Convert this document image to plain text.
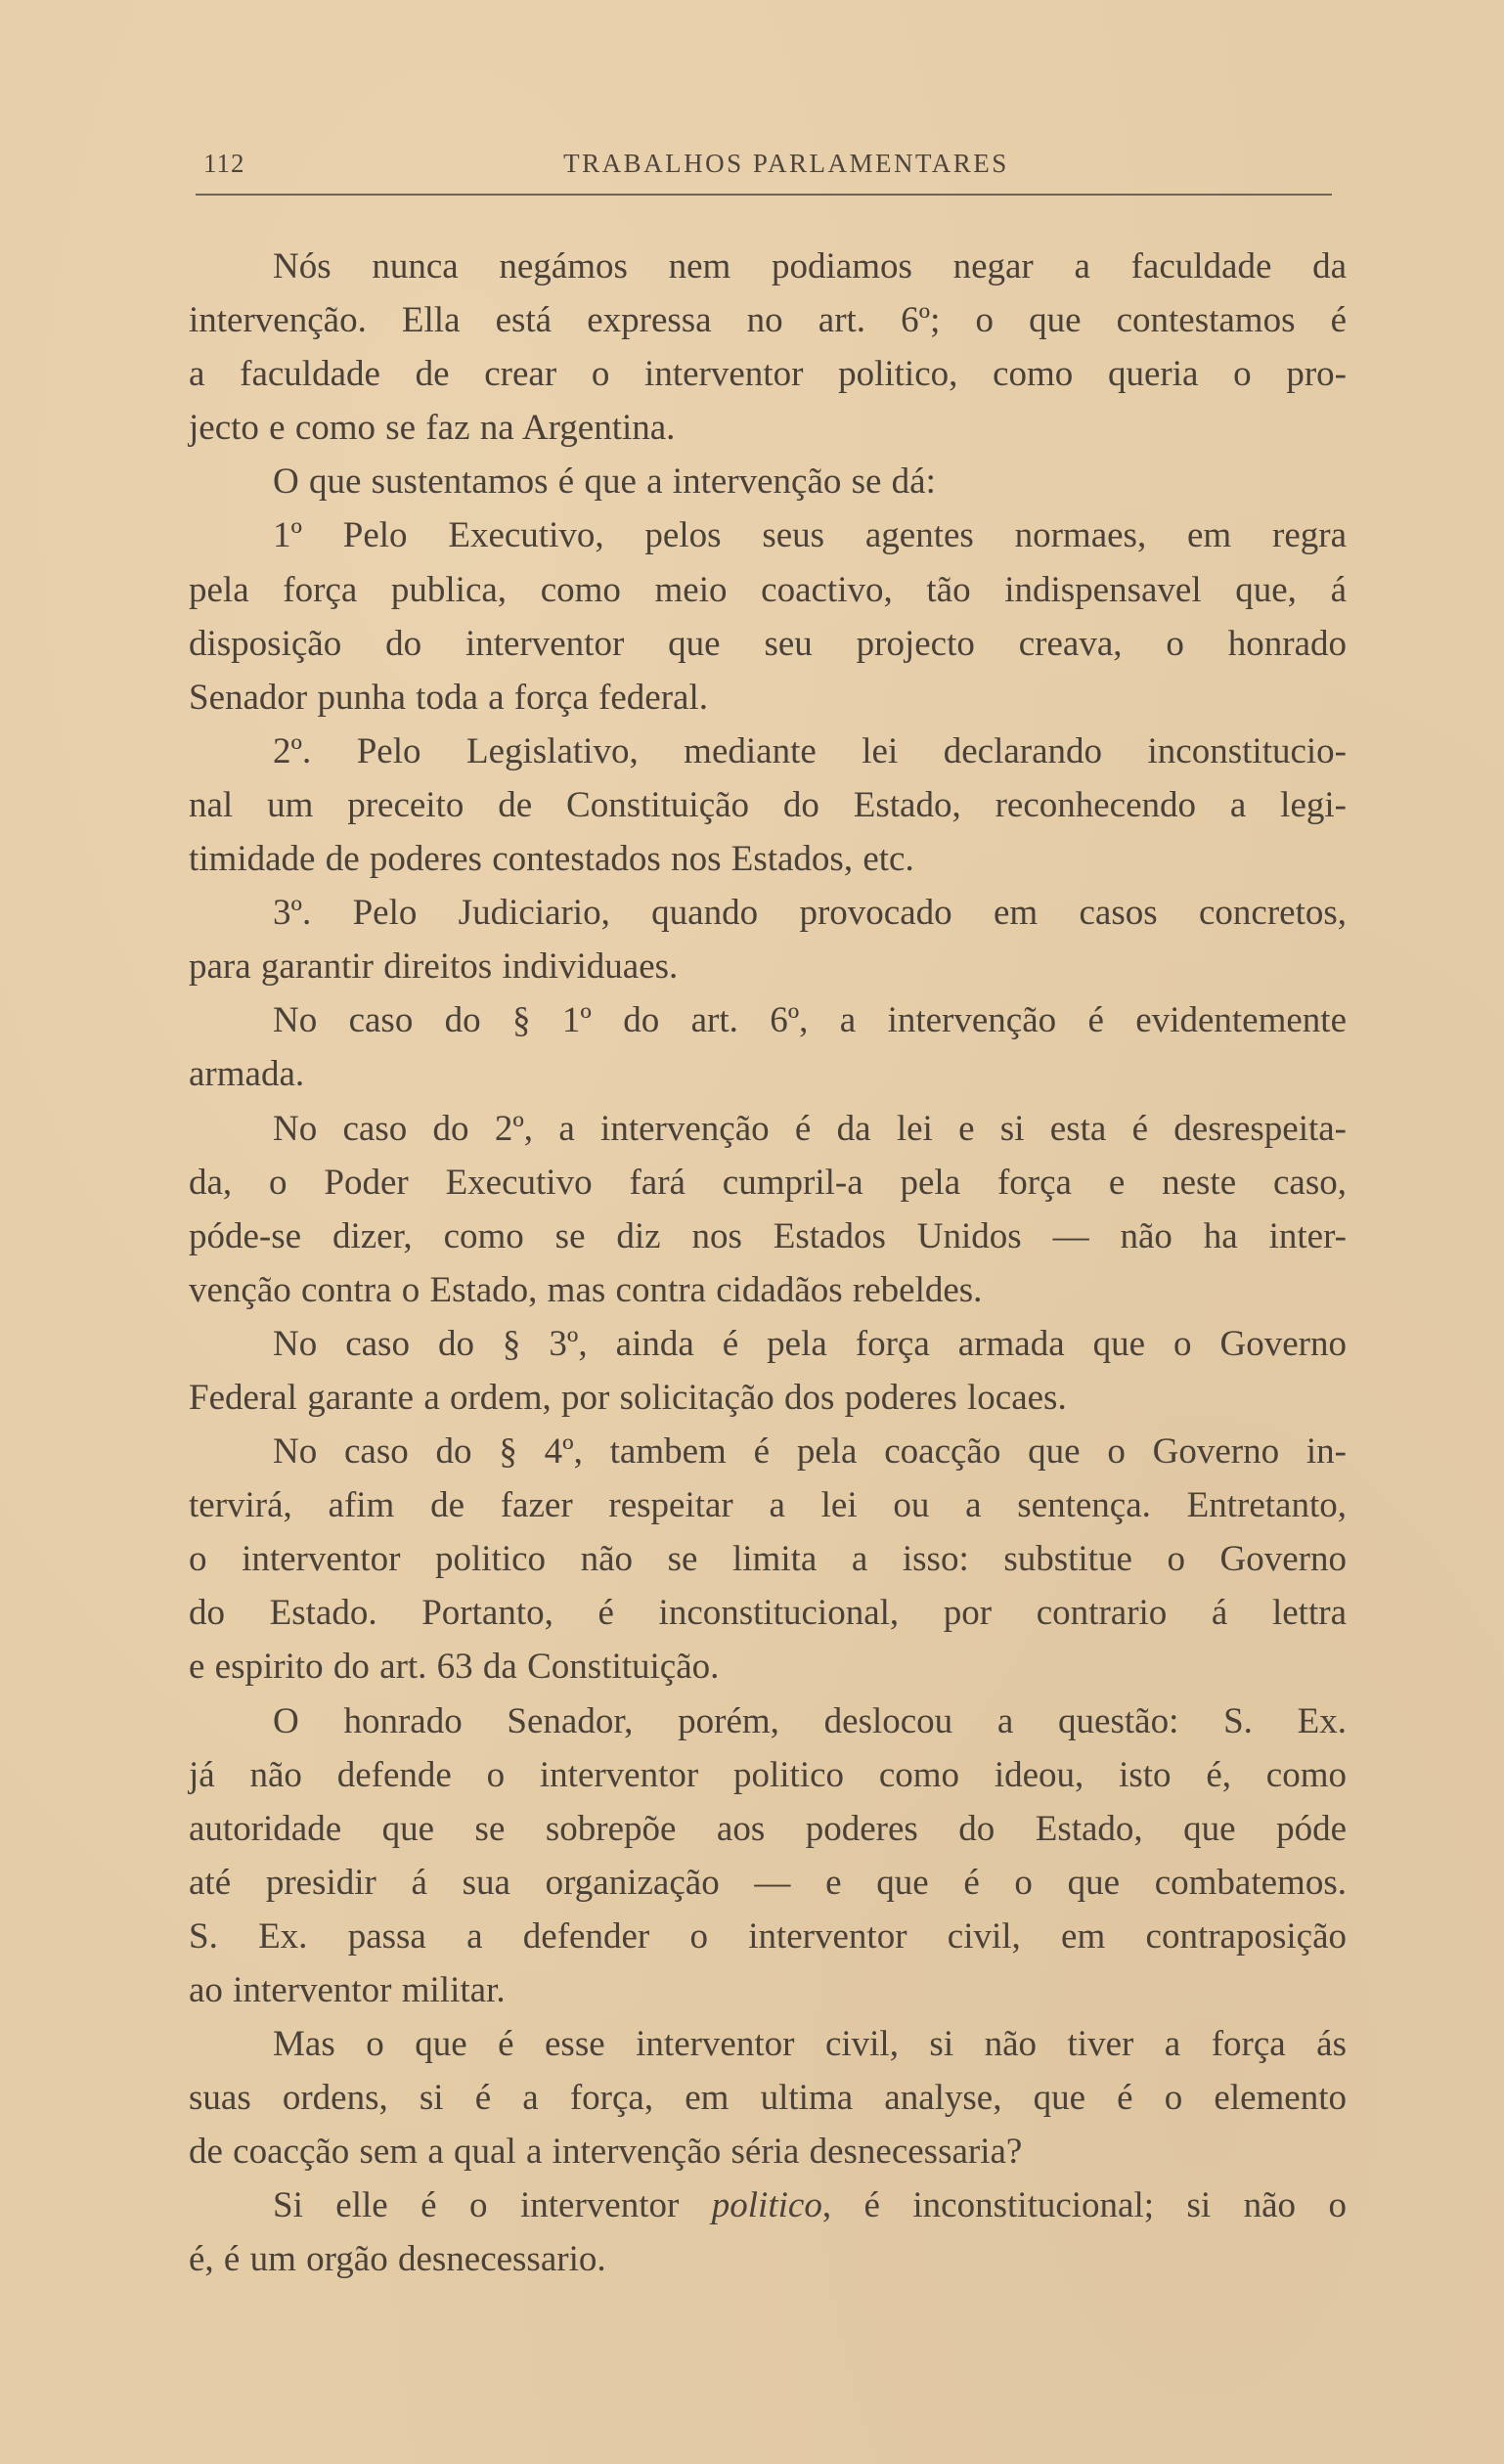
112	TRABALHOS PARLAMENTARES
Nós nunca negámos nem podiamos negar a faculdade da
intervenção. Ella está expressa no art. 6º; o que contestamos é
a faculdade de crear o interventor politico, como queria o pro-
jecto e como se faz na Argentina.
O que sustentamos é que a intervenção se dá:
1º Pelo Executivo, pelos seus agentes normaes, em regra
pela força publica, como meio coactivo, tão indispensavel que, á
disposição do interventor que seu projecto creava, o honrado
Senador punha toda a força federal.
2º. Pelo Legislativo, mediante lei declarando inconstitucio-
nal um preceito de Constituição do Estado, reconhecendo a legi-
timidade de poderes contestados nos Estados, etc.
3º. Pelo Judiciario, quando provocado em casos concretos,
para garantir direitos individuaes.
No caso do § 1º do art. 6º, a intervenção é evidentemente
armada.
No caso do 2º, a intervenção é da lei e si esta é desrespeita-
da, o Poder Executivo fará cumpril-a pela força e neste caso,
póde-se dizer, como se diz nos Estados Unidos — não ha inter-
venção contra o Estado, mas contra cidadãos rebeldes.
No caso do § 3º, ainda é pela força armada que o Governo
Federal garante a ordem, por solicitação dos poderes locaes.
No caso do § 4º, tambem é pela coacção que o Governo in-
tervirá, afim de fazer respeitar a lei ou a sentença. Entretanto,
o interventor politico não se limita a isso: substitue o Governo
do Estado. Portanto, é inconstitucional, por contrario á lettra
e espirito do art. 63 da Constituição.
O honrado Senador, porém, deslocou a questão: S. Ex.
já não defende o interventor politico como ideou, isto é, como
autoridade que se sobrepõe aos poderes do Estado, que póde
até presidir á sua organização — e que é o que combatemos.
S. Ex. passa a defender o interventor civil, em contraposição
ao interventor militar.
Mas o que é esse interventor civil, si não tiver a força ás
suas ordens, si é a força, em ultima analyse, que é o elemento
de coacção sem a qual a intervenção séria desnecessaria?
Si elle é o interventor politico, é inconstitucional; si não o
é, é um orgão desnecessario.
